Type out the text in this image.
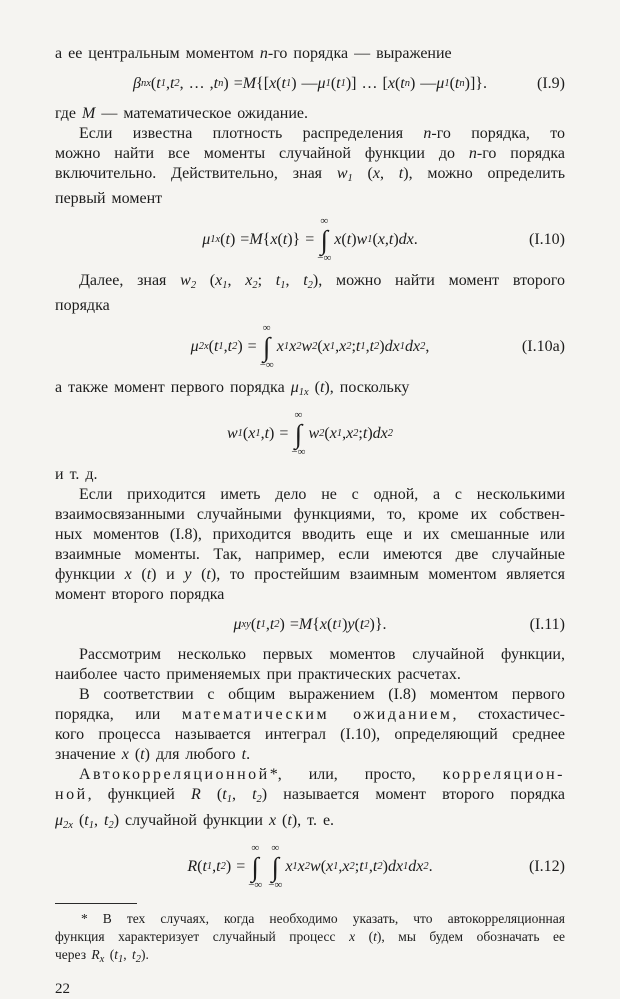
а ее центральным моментом n-го порядка — выражение
β nx ( t 1 , t 2 , … , t n ) = M {[ x ( t 1 ) — μ 1 ( t 1 )] … [ x ( t n ) — μ 1 ( t n )]}.	(I.9)
где M — математическое ожидание.
Если известна плотность распределения n-го порядка, то
можно найти все моменты случайной функции до n-го порядка
включительно. Действительно, зная w1 (x, t), можно определить
первый момент
μ 1x ( t ) = M { x ( t )} =
∞
∫
−∞
x ( t ) w 1 ( x , t ) dx .	(I.10)
Далее, зная w2 (x1, x2; t1, t2), можно найти момент второго
порядка
μ 2x ( t 1 , t 2 ) =
∞
∫
−∞
x 1 x 2 w 2 ( x 1 , x 2 ; t 1 , t 2 ) dx 1 dx 2 ,	(I.10a)
а также момент первого порядка μ1x (t), поскольку
w 1 ( x 1 , t ) =
∞
∫
−∞
w 2 ( x 1 , x 2 ; t ) dx 2
и т. д.
Если приходится иметь дело не с одной, а с несколькими
взаимосвязанными случайными функциями, то, кроме их собствен-
ных моментов (I.8), приходится вводить еще и их смешанные или
взаимные моменты. Так, например, если имеются две случайные
функции x (t) и y (t), то простейшим взаимным моментом является
момент второго порядка
μ xy ( t 1 , t 2 ) = M { x ( t 1 ) y ( t 2 )}.	(I.11)
Рассмотрим несколько первых моментов случайной функции,
наиболее часто применяемых при практических расчетах.
В соответствии с общим выражением (I.8) моментом первого
порядка, или математическим ожиданием, стохастичес-
кого процесса называется интеграл (I.10), определяющий среднее
значение x (t) для любого t.
Автокорреляционной*, или, просто, корреляцион-
ной, функцией R (t1, t2) называется момент второго порядка
μ2x (t1, t2) случайной функции x (t), т. е.
R ( t 1 , t 2 ) =
∞
∫
−∞
∞
∫
−∞
x 1 x 2 w ( x 1 , x 2 ; t 1 , t 2 ) dx 1 dx 2 .	(I.12)
* В тех случаях, когда необходимо указать, что автокорреляционная
функция характеризует случайный процесс x (t), мы будем обозначать ее
через $R_x$ ($t_1$, $t_2$).
22
